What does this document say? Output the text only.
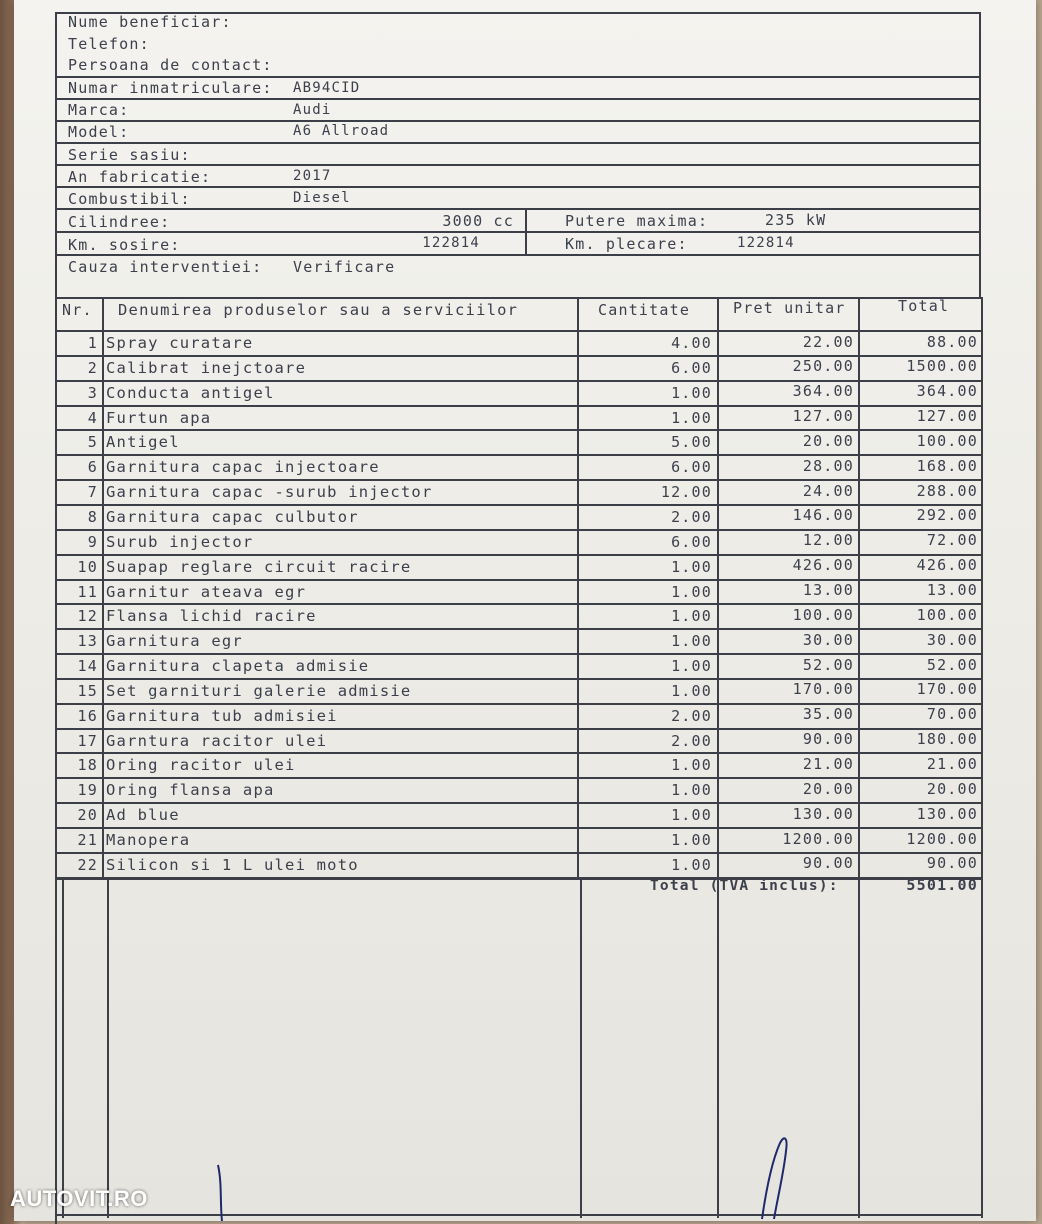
Nume beneficiar:
Telefon:
Persoana de contact:
Numar inmatriculare: AB94CID
Marca:	Audi
Model:	A6 Allroad
Serie sasiu:
An fabricatie:	2017
Combustibil:	Diesel
Cilindree:	3000 cc	Putere maxima:	235 kW
Km. sosire:	122814	Km. plecare:	122814
Cauza interventiei: Verificare
1 Spray curatare	4.00	22.00	88.00
2 Calibrat inejctoare	6.00	250.00	1500.00
3 Conducta antigel	1.00	364.00	364.00
4 Furtun apa	1.00	127.00	127.00
5 Antigel	5.00	20.00	100.00
6 Garnitura capac injectoare	6.00	28.00	168.00
7 Garnitura capac -surub injector	12.00	24.00	288.00
8 Garnitura capac culbutor	2.00	146.00	292.00
9 Surub injector	6.00	12.00	72.00
10 Suapap reglare circuit racire	1.00	426.00	426.00
11 Garnitur ateava egr	1.00	13.00	13.00
12 Flansa lichid racire	1.00	100.00	100.00
13 Garnitura egr	1.00	30.00	30.00
14 Garnitura clapeta admisie	1.00	52.00	52.00
15 Set garnituri galerie admisie	1.00	170.00	170.00
16 Garnitura tub admisiei	2.00	35.00	70.00
17 Garntura racitor ulei	2.00	90.00	180.00
18 Oring racitor ulei	1.00	21.00	21.00
19 Oring flansa apa	1.00	20.00	20.00
20 Ad blue	1.00	130.00	130.00
21 Manopera	1.00	1200.00	1200.00
22 Silicon si 1 L ulei moto	1.00	90.00	90.00
Nr. Denumirea produselor sau a serviciilor	Cantitate	Pret unitar	Total
Total (TVA inclus):	5501.00
AUTOVIT.RO
